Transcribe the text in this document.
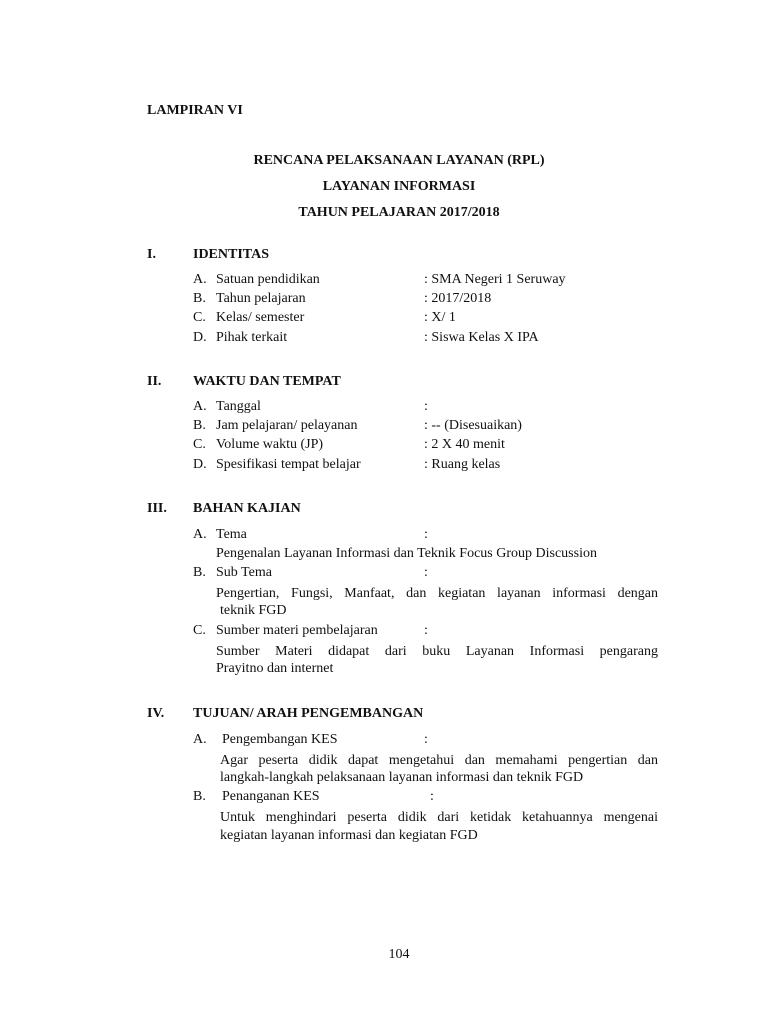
LAMPIRAN VI
RENCANA PELAKSANAAN LAYANAN (RPL)
LAYANAN INFORMASI
TAHUN PELAJARAN 2017/2018
I.	IDENTITAS
A. Satuan pendidikan	: SMA Negeri 1 Seruway
B. Tahun pelajaran	: 2017/2018
C. Kelas/ semester	: X/ 1
D. Pihak terkait	: Siswa Kelas X IPA
II. WAKTU DAN TEMPAT
A. Tanggal	:
B. Jam pelajaran/ pelayanan	: -- (Disesuaikan)
C. Volume waktu (JP)	: 2 X 40 menit
D. Spesifikasi tempat belajar	: Ruang kelas
III. BAHAN KAJIAN
A. Tema	:
Pengenalan Layanan Informasi dan Teknik Focus Group Discussion
B. Sub Tema	:
Pengertian, Fungsi, Manfaat, dan kegiatan layanan informasi dengan
teknik FGD
C. Sumber materi pembelajaran	:
Sumber Materi didapat dari buku Layanan Informasi pengarang
Prayitno dan internet
IV. TUJUAN/ ARAH PENGEMBANGAN
A. Pengembangan KES	:
Agar peserta didik dapat mengetahui dan memahami pengertian dan
langkah-langkah pelaksanaan layanan informasi dan teknik FGD
B. Penanganan KES	:
Untuk menghindari peserta didik dari ketidak ketahuannya mengenai
kegiatan layanan informasi dan kegiatan FGD
104
